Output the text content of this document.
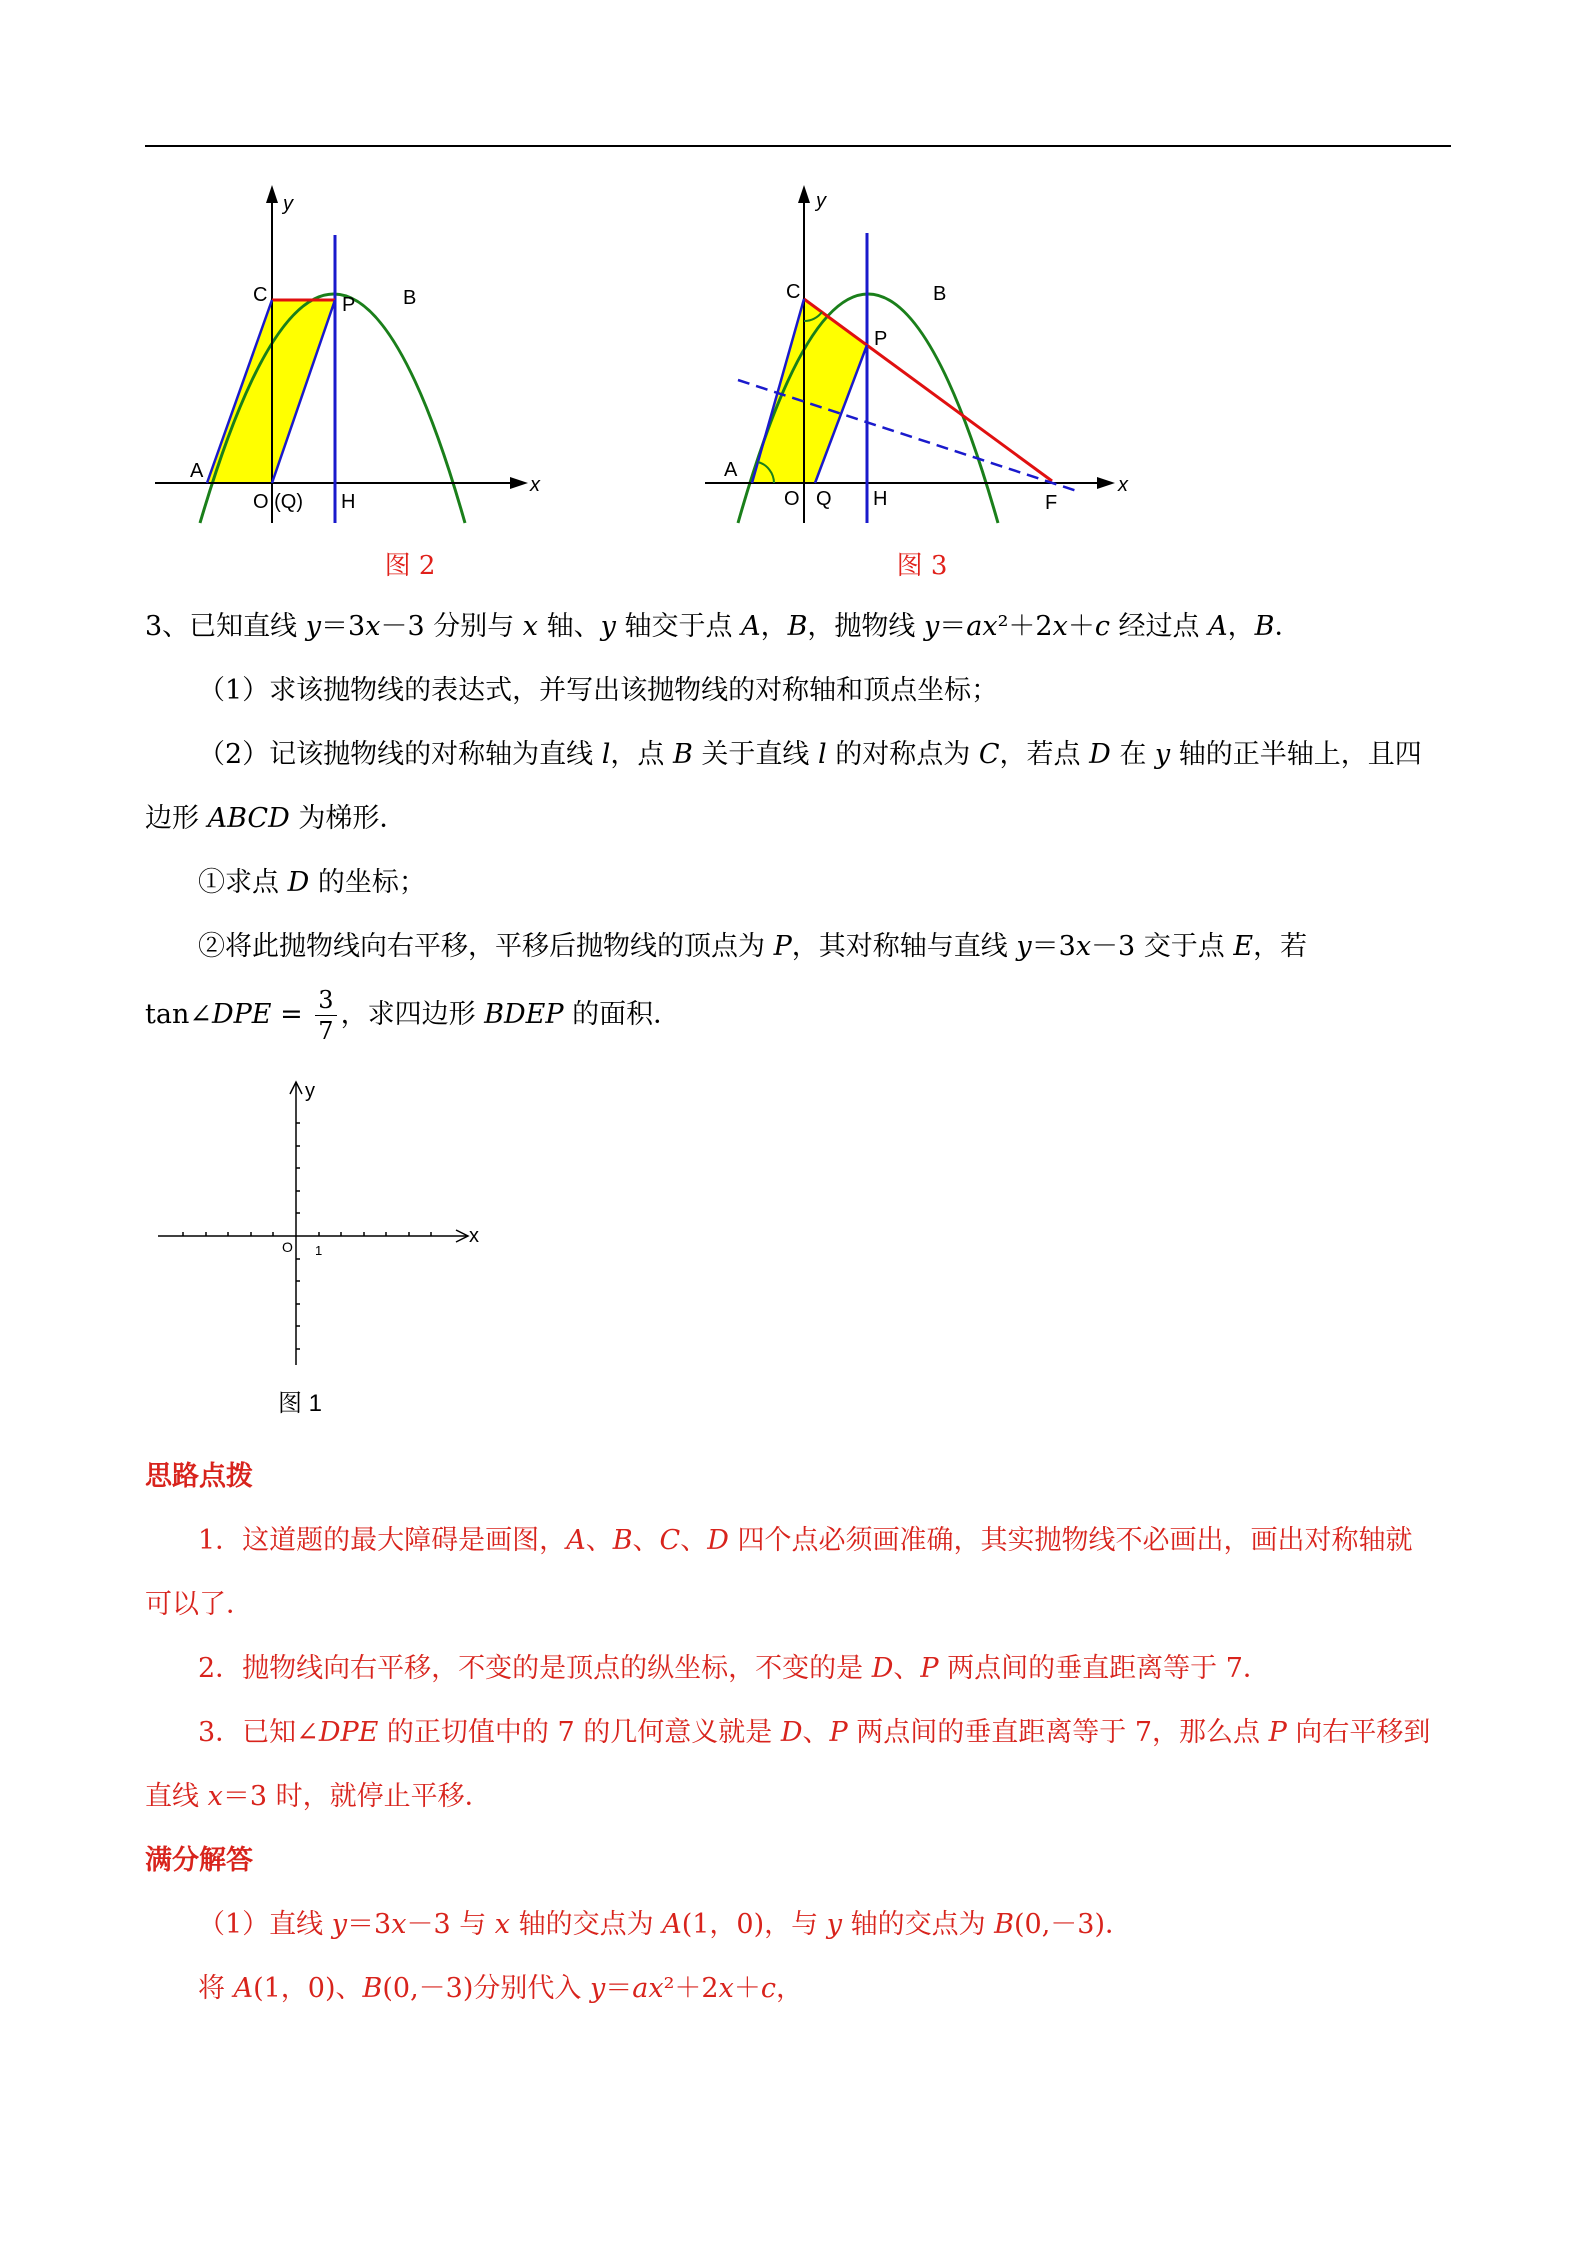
y
x
C	P B
A
O (Q) H
图 2
y
x
C
P
B
A
O Q H	F
图 3
3、已知直线 y＝3x－3 分别与 x 轴、y 轴交于点 A，B，抛物线 y＝ax²＋2x＋c 经过点 A，B．
（1）求该抛物线的表达式，并写出该抛物线的对称轴和顶点坐标；
（2）记该抛物线的对称轴为直线 l，点 B 关于直线 l 的对称点为 C，若点 D 在 y 轴的正半轴上，且四
边形 ABCD 为梯形．
①求点 D 的坐标；
②将此抛物线向右平移，平移后抛物线的顶点为 P，其对称轴与直线 y＝3x－3 交于点 E，若
tan∠DPE = $\frac{3}{7}$ ，求四边形 BDEP 的面积．
y
x
O 1
图 1
思路点拨
1．这道题的最大障碍是画图，A、B、C、D 四个点必须画准确，其实抛物线不必画出，画出对称轴就
可以了．
2．抛物线向右平移，不变的是顶点的纵坐标，不变的是 D、P 两点间的垂直距离等于 7．
3．已知∠DPE 的正切值中的 7 的几何意义就是 D、P 两点间的垂直距离等于 7，那么点 P 向右平移到
直线 x＝3 时，就停止平移．
满分解答
（1）直线 y＝3x－3 与 x 轴的交点为 A(1，0)，与 y 轴的交点为 B(0,－3)．
将 A(1，0)、B(0,－3)分别代入 y＝ax²＋2x＋c，
